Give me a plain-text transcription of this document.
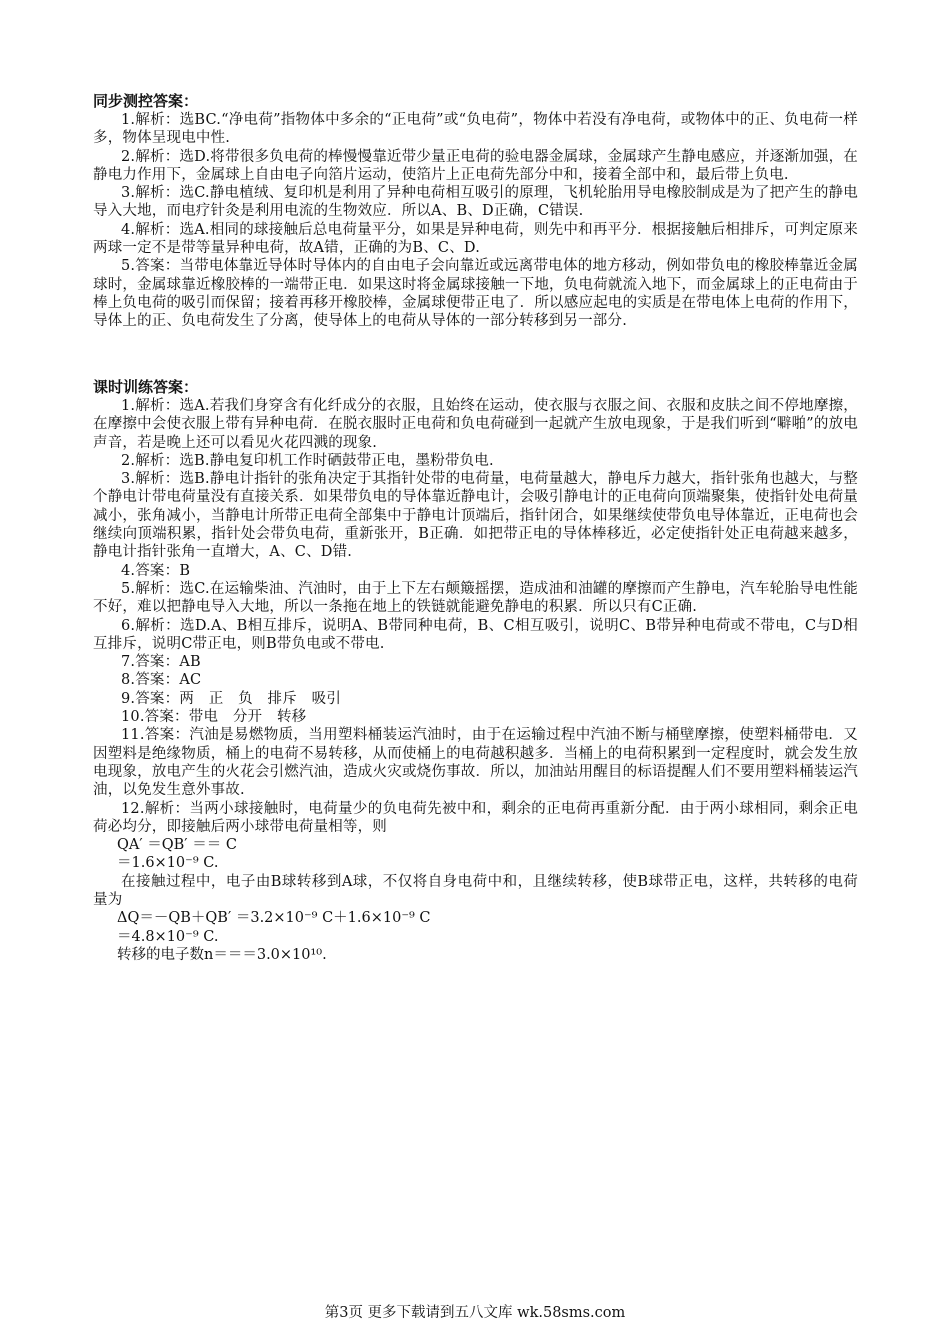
同步测控答案：

1.解析：选BC.“净电荷”指物体中多余的“正电荷”或“负电荷”，物体中若没有净电荷，或物体中的正、负电荷一样多，物体呈现电中性.

2.解析：选D.将带很多负电荷的棒慢慢靠近带少量正电荷的验电器金属球，金属球产生静电感应，并逐渐加强，在静电力作用下，金属球上自由电子向箔片运动，使箔片上正电荷先部分中和，接着全部中和，最后带上负电.

3.解析：选C.静电植绒、复印机是利用了异种电荷相互吸引的原理，飞机轮胎用导电橡胶制成是为了把产生的静电导入大地，而电疗针灸是利用电流的生物效应．所以A、B、D正确，C错误.

4.解析：选A.相同的球接触后总电荷量平分，如果是异种电荷，则先中和再平分．根据接触后相排斥，可判定原来两球一定不是带等量异种电荷，故A错，正确的为B、C、D.

5.答案：当带电体靠近导体时导体内的自由电子会向靠近或远离带电体的地方移动，例如带负电的橡胶棒靠近金属球时，金属球靠近橡胶棒的一端带正电．如果这时将金属球接触一下地，负电荷就流入地下，而金属球上的正电荷由于棒上负电荷的吸引而保留；接着再移开橡胶棒，金属球便带正电了．所以感应起电的实质是在带电体上电荷的作用下，导体上的正、负电荷发生了分离，使导体上的电荷从导体的一部分转移到另一部分.

课时训练答案：

1.解析：选A.若我们身穿含有化纤成分的衣服，且始终在运动，使衣服与衣服之间、衣服和皮肤之间不停地摩擦，在摩擦中会使衣服上带有异种电荷．在脱衣服时正电荷和负电荷碰到一起就产生放电现象，于是我们听到“噼啪”的放电声音，若是晚上还可以看见火花四溅的现象.

2.解析：选B.静电复印机工作时硒鼓带正电，墨粉带负电.

3.解析：选B.静电计指针的张角决定于其指针处带的电荷量，电荷量越大，静电斥力越大，指针张角也越大，与整个静电计带电荷量没有直接关系．如果带负电的导体靠近静电计，会吸引静电计的正电荷向顶端聚集，使指针处电荷量减小，张角减小，当静电计所带正电荷全部集中于静电计顶端后，指针闭合，如果继续使带负电导体靠近，正电荷也会继续向顶端积累，指针处会带负电荷，重新张开，B正确．如把带正电的导体棒移近，必定使指针处正电荷越来越多，静电计指针张角一直增大，A、C、D错.

4.答案：B

5.解析：选C.在运输柴油、汽油时，由于上下左右颠簸摇摆，造成油和油罐的摩擦而产生静电，汽车轮胎导电性能不好，难以把静电导入大地，所以一条拖在地上的铁链就能避免静电的积累．所以只有C正确.

6.解析：选D.A、B相互排斥，说明A、B带同种电荷，B、C相互吸引，说明C、B带异种电荷或不带电，C与D相互排斥，说明C带正电，则B带负电或不带电.

7.答案：AB

8.答案：AC

9.答案：两　正　负　排斥　吸引

10.答案：带电　分开　转移

11.答案：汽油是易燃物质，当用塑料桶装运汽油时，由于在运输过程中汽油不断与桶壁摩擦，使塑料桶带电．又因塑料是绝缘物质，桶上的电荷不易转移，从而使桶上的电荷越积越多．当桶上的电荷积累到一定程度时，就会发生放电现象，放电产生的火花会引燃汽油，造成火灾或烧伤事故．所以，加油站用醒目的标语提醒人们不要用塑料桶装运汽油，以免发生意外事故.

12.解析：当两小球接触时，电荷量少的负电荷先被中和，剩余的正电荷再重新分配．由于两小球相同，剩余正电荷必均分，即接触后两小球带电荷量相等，则

QA′ ＝QB′ ＝＝ C

＝1.6×10⁻⁹ C.

在接触过程中，电子由B球转移到A球，不仅将自身电荷中和，且继续转移，使B球带正电，这样，共转移的电荷量为

ΔQ＝－QB＋QB′ ＝3.2×10⁻⁹ C＋1.6×10⁻⁹ C

＝4.8×10⁻⁹ C.

转移的电子数n＝＝＝3.0×10¹⁰.

第3页 更多下载请到五八文库 wk.58sms.com
